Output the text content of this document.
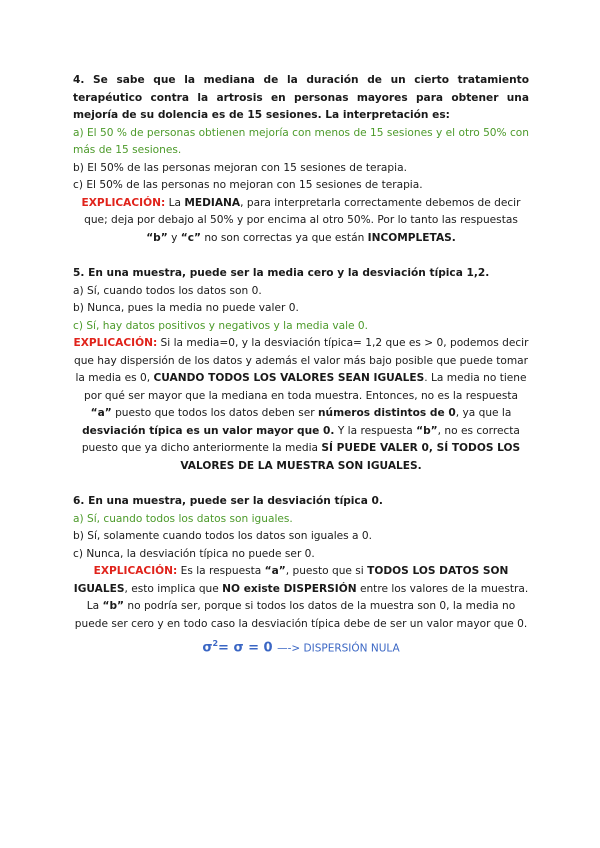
4. Se sabe que la mediana de la duración de un cierto tratamiento terapéutico contra la artrosis en personas mayores para obtener una mejoría de su dolencia es de 15 sesiones. La interpretación es:
a) El 50 % de personas obtienen mejoría con menos de 15 sesiones y el otro 50% con más de 15 sesiones.
b) El 50% de las personas mejoran con 15 sesiones de terapia.
c) El 50% de las personas no mejoran con 15 sesiones de terapia.
EXPLICACIÓN: La MEDIANA, para interpretarla correctamente debemos de decir que; deja por debajo al 50% y por encima al otro 50%. Por lo tanto las respuestas “b” y “c” no son correctas ya que están INCOMPLETAS.
5. En una muestra, puede ser la media cero y la desviación típica 1,2.
a) Sí, cuando todos los datos son 0.
b) Nunca, pues la media no puede valer 0.
c) Sí, hay datos positivos y negativos y la media vale 0.
EXPLICACIÓN: Si la media=0, y la desviación típica= 1,2 que es > 0, podemos decir que hay dispersión de los datos y además el valor más bajo posible que puede tomar la media es 0, CUANDO TODOS LOS VALORES SEAN IGUALES. La media no tiene por qué ser mayor que la mediana en toda muestra. Entonces, no es la respuesta “a” puesto que todos los datos deben ser números distintos de 0, ya que la desviación típica es un valor mayor que 0. Y la respuesta “b”, no es correcta puesto que ya dicho anteriormente la media SÍ PUEDE VALER 0, SÍ TODOS LOS VALORES DE LA MUESTRA SON IGUALES.
6. En una muestra, puede ser la desviación típica 0.
a) Sí, cuando todos los datos son iguales.
b) Sí, solamente cuando todos los datos son iguales a 0.
c) Nunca, la desviación típica no puede ser 0.
EXPLICACIÓN: Es la respuesta “a”, puesto que si TODOS LOS DATOS SON IGUALES, esto implica que NO existe DISPERSIÓN entre los valores de la muestra. La “b” no podría ser, porque si todos los datos de la muestra son 0, la media no puede ser cero y en todo caso la desviación típica debe de ser un valor mayor que 0.
$\sigma^2= \sigma = 0$ —-> DISPERSIÓN NULA
